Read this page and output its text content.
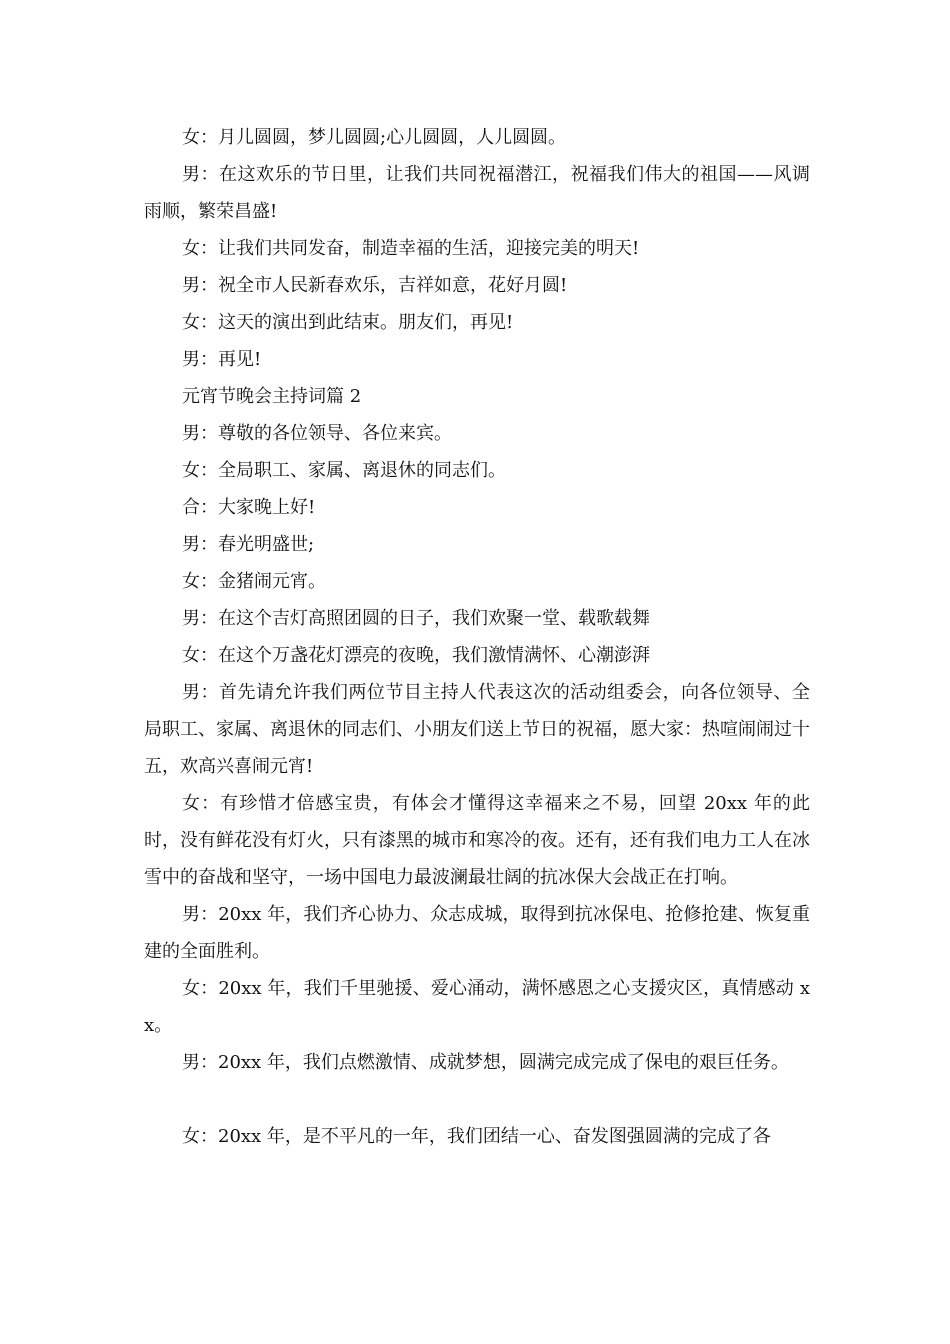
女：月儿圆圆，梦儿圆圆;心儿圆圆，人儿圆圆。

男：在这欢乐的节日里，让我们共同祝福潜江，祝福我们伟大的祖国——风调雨顺，繁荣昌盛!

女：让我们共同发奋，制造幸福的生活，迎接完美的明天!

男：祝全市人民新春欢乐，吉祥如意，花好月圆!

女：这天的演出到此结束。朋友们，再见!

男：再见!

元宵节晚会主持词篇 2

男：尊敬的各位领导、各位来宾。

女：全局职工、家属、离退休的同志们。

合：大家晚上好!

男：春光明盛世;

女：金猪闹元宵。

男：在这个吉灯高照团圆的日子，我们欢聚一堂、载歌载舞

女：在这个万盏花灯漂亮的夜晚，我们激情满怀、心潮澎湃

男：首先请允许我们两位节目主持人代表这次的活动组委会，向各位领导、全局职工、家属、离退休的同志们、小朋友们送上节日的祝福，愿大家：热喧闹闹过十五，欢高兴喜闹元宵!

女：有珍惜才倍感宝贵，有体会才懂得这幸福来之不易，回望 20xx 年的此时，没有鲜花没有灯火，只有漆黑的城市和寒冷的夜。还有，还有我们电力工人在冰雪中的奋战和坚守，一场中国电力最波澜最壮阔的抗冰保大会战正在打响。

男：20xx 年，我们齐心协力、众志成城，取得到抗冰保电、抢修抢建、恢复重建的全面胜利。

女：20xx 年，我们千里驰援、爱心涌动，满怀感恩之心支援灾区，真情感动 xx。

男：20xx 年，我们点燃激情、成就梦想，圆满完成完成了保电的艰巨任务。

女：20xx 年，是不平凡的一年，我们团结一心、奋发图强圆满的完成了各
